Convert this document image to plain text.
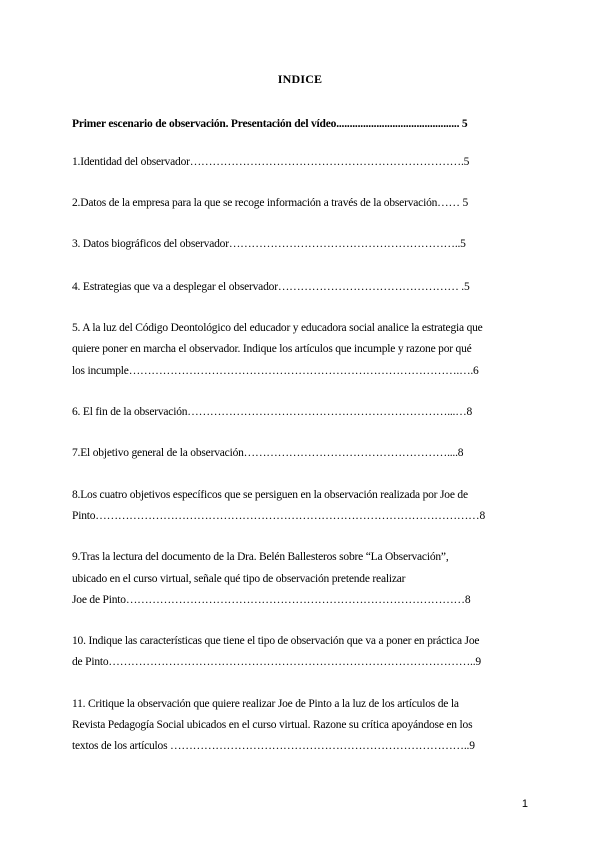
INDICE
Primer escenario de observación. Presentación del vídeo.............................................. 5
1.Identidad del observador……………………………………………………………….5
2.Datos de la empresa para la que se recoge información a través de la observación…… 5
3. Datos biográficos del observador……………………………………………………..5
4. Estrategias que va a desplegar el observador………………………………………… .5
5. A la luz del Código Deontológico del educador y educadora social analice la estrategia que
quiere poner en marcha el observador. Indique los artículos que incumple y razone por qué
los incumple…………………………………………………………………………….….6
6. El fin de la observación……………………………………………………………...…8
7.El objetivo general de la observación………………………………………………....8
8.Los cuatro objetivos específicos que se persiguen en la observación realizada por Joe de
Pinto…………………………………………………………………………………………8
9.Tras la lectura del documento de la Dra. Belén Ballesteros sobre “La Observación”,
ubicado en el curso virtual, señale qué tipo de observación pretende realizar
Joe de Pinto………………………………………………………………………………8
10. Indique las características que tiene el tipo de observación que va a poner en práctica Joe
de Pinto……………………………………………………………………………………..9
11. Critique la observación que quiere realizar Joe de Pinto a la luz de los artículos de la
Revista Pedagogía Social ubicados en el curso virtual. Razone su crítica apoyándose en los
textos de los artículos ……………………………………………………………………..9
1
